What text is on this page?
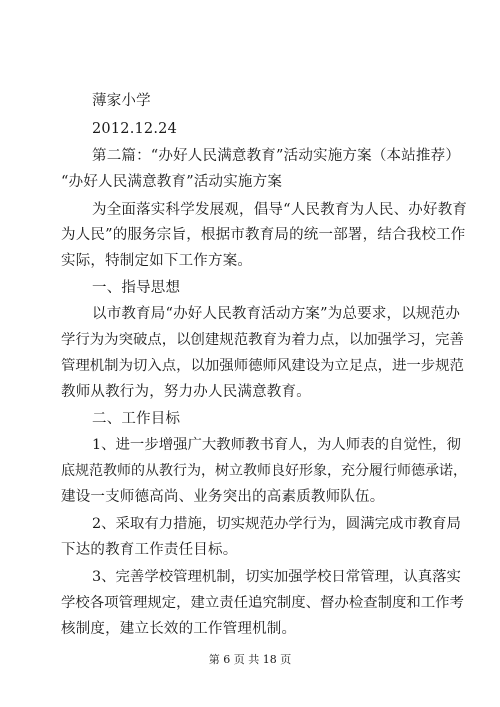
薄家小学
2012.12.24
第二篇：“办好人民满意教育”活动实施方案（本站推荐）
“办好人民满意教育”活动实施方案
为全面落实科学发展观，倡导“人民教育为人民、办好教育
为人民”的服务宗旨，根据市教育局的统一部署，结合我校工作
实际，特制定如下工作方案。
一、指导思想
以市教育局“办好人民教育活动方案”为总要求，以规范办
学行为为突破点，以创建规范教育为着力点，以加强学习，完善
管理机制为切入点，以加强师德师风建设为立足点，进一步规范
教师从教行为，努力办人民满意教育。
二、工作目标
1、进一步增强广大教师教书育人，为人师表的自觉性，彻
底规范教师的从教行为，树立教师良好形象，充分履行师德承诺，
建设一支师德高尚、业务突出的高素质教师队伍。
2、采取有力措施，切实规范办学行为，圆满完成市教育局
下达的教育工作责任目标。
3、完善学校管理机制，切实加强学校日常管理，认真落实
学校各项管理规定，建立责任追究制度、督办检查制度和工作考
核制度，建立长效的工作管理机制。
第 6 页 共 18 页
